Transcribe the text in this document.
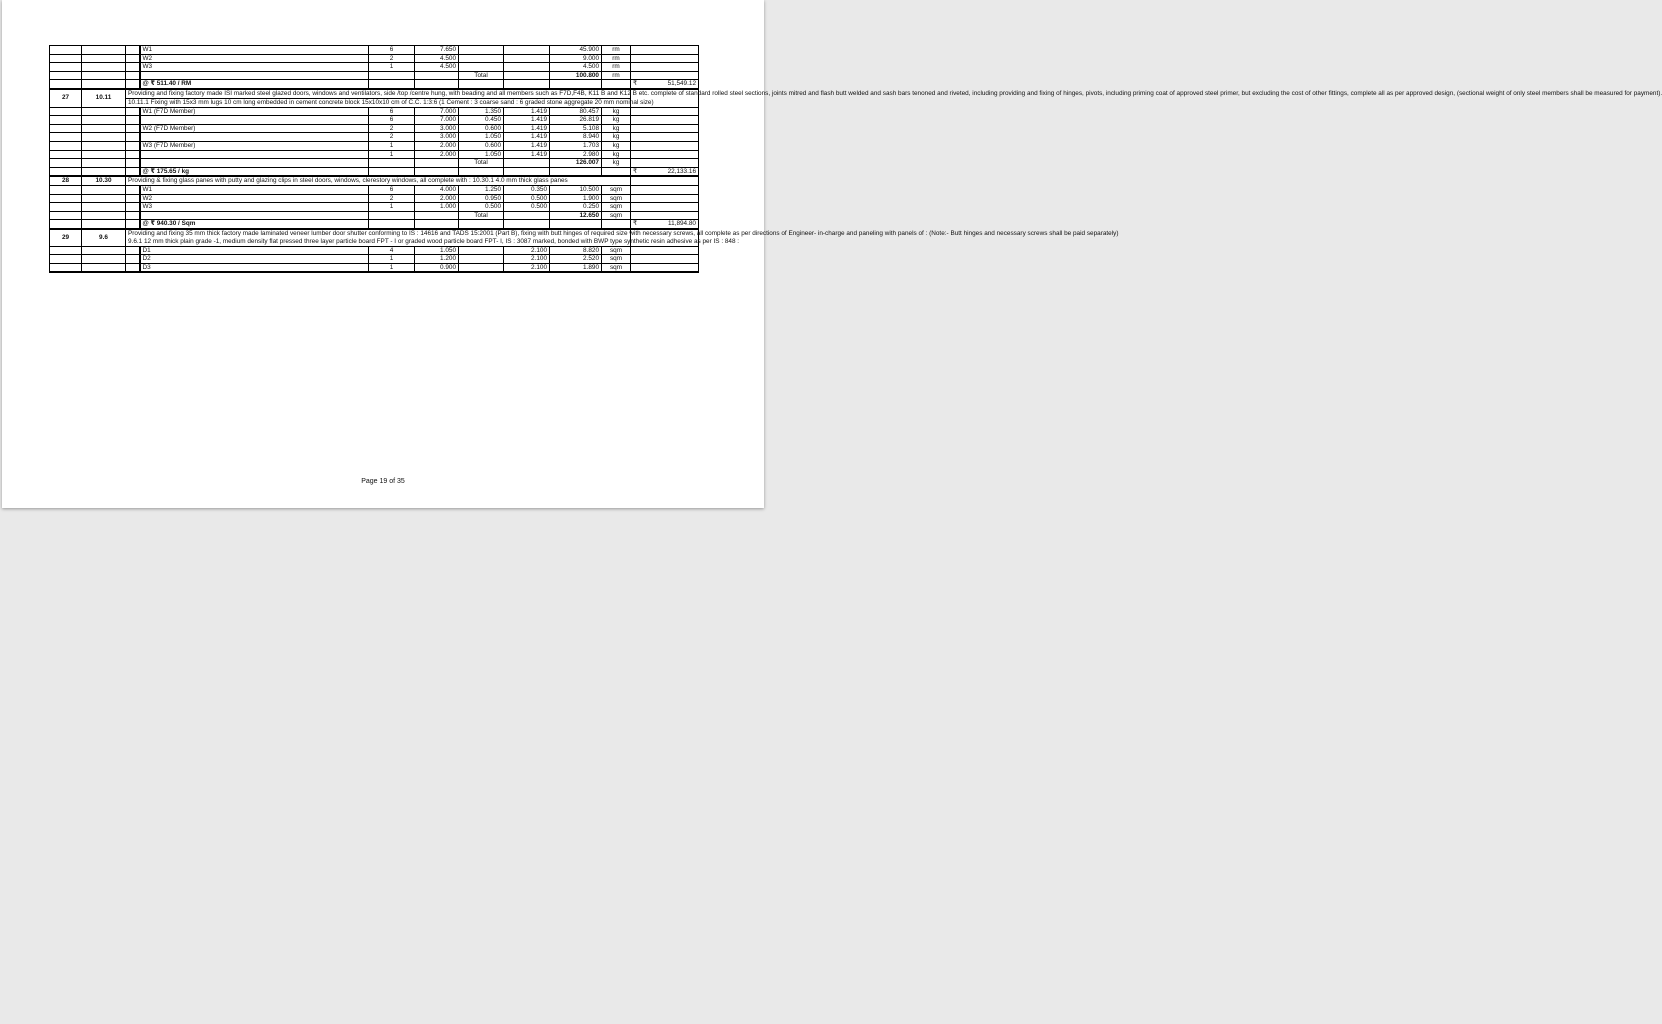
			W1	6	7.650			45.900	rm	
			W2	2	4.500			9.000	rm	
			W3	1	4.500			4.500	rm	
						Total		100.800	rm	
			@ ₹ 511.40 / RM							₹ 51,549.12
27	10.11	Providing and fixing factory made ISI marked steel glazed doors, windows and ventilators, side /top /centre hung, with beading and all members such as F7D,F4B, K11 B and K12 B etc. complete of standard rolled steel sections, joints mitred and flash butt welded and sash bars tenoned and riveted, including providing and fixing of hinges, pivots, including priming coat of approved steel primer, but excluding the cost of other fittings, complete all as per approved design, (sectional weight of only steel members shall be measured for payment).								
		10.11.1 Fixing with 15x3 mm lugs 10 cm long embedded in cement concrete block 15x10x10 cm of C.C. 1:3:6 (1 Cement : 3 coarse sand : 6 graded stone aggregate 20 mm nominal size)								
			W1 (F7D Member)	6	7.000	1.350	1.419	80.457	kg	
				6	7.000	0.450	1.419	26.819	kg	
			W2 (F7D Member)	2	3.000	0.600	1.419	5.108	kg	
				2	3.000	1.050	1.419	8.940	kg	
			W3 (F7D Member)	1	2.000	0.600	1.419	1.703	kg	
				1	2.000	1.050	1.419	2.980	kg	
						Total		126.007	kg	
			@ ₹ 175.65 / kg							₹ 22,133.16
28	10.30	Providing & fixing glass panes with putty and glazing clips in steel doors, windows, clerestory windows, all complete with : 10.30.1 4.0 mm thick glass panes								
			W1	6	4.000	1.250	0.350	10.500	sqm	
			W2	2	2.000	0.950	0.500	1.900	sqm	
			W3	1	1.000	0.500	0.500	0.250	sqm	
						Total		12.650	sqm	
			@ ₹ 940.30 / Sqm							₹ 11,894.80
29	9.6	Providing and fixing 35 mm thick factory made laminated veneer lumber door shutter conforming to IS : 14616 and TADS 15:2001 (Part B), fixing with butt hinges of required size with necessary screws, all complete as per directions of Engineer- in-charge and paneling with panels of : (Note:- Butt hinges and necessary screws shall be paid separately)
9.6.1 12 mm thick plain grade -1, medium density flat pressed three layer particle board FPT - I or graded wood particle board FPT- I, IS : 3087 marked, bonded with BWP type synthetic resin adhesive as per IS : 848 :								
			D1	4	1.050		2.100	8.820	sqm	
			D2	1	1.200		2.100	2.520	sqm	
			D3	1	0.900		2.100	1.890	sqm	
Page 19 of 35
